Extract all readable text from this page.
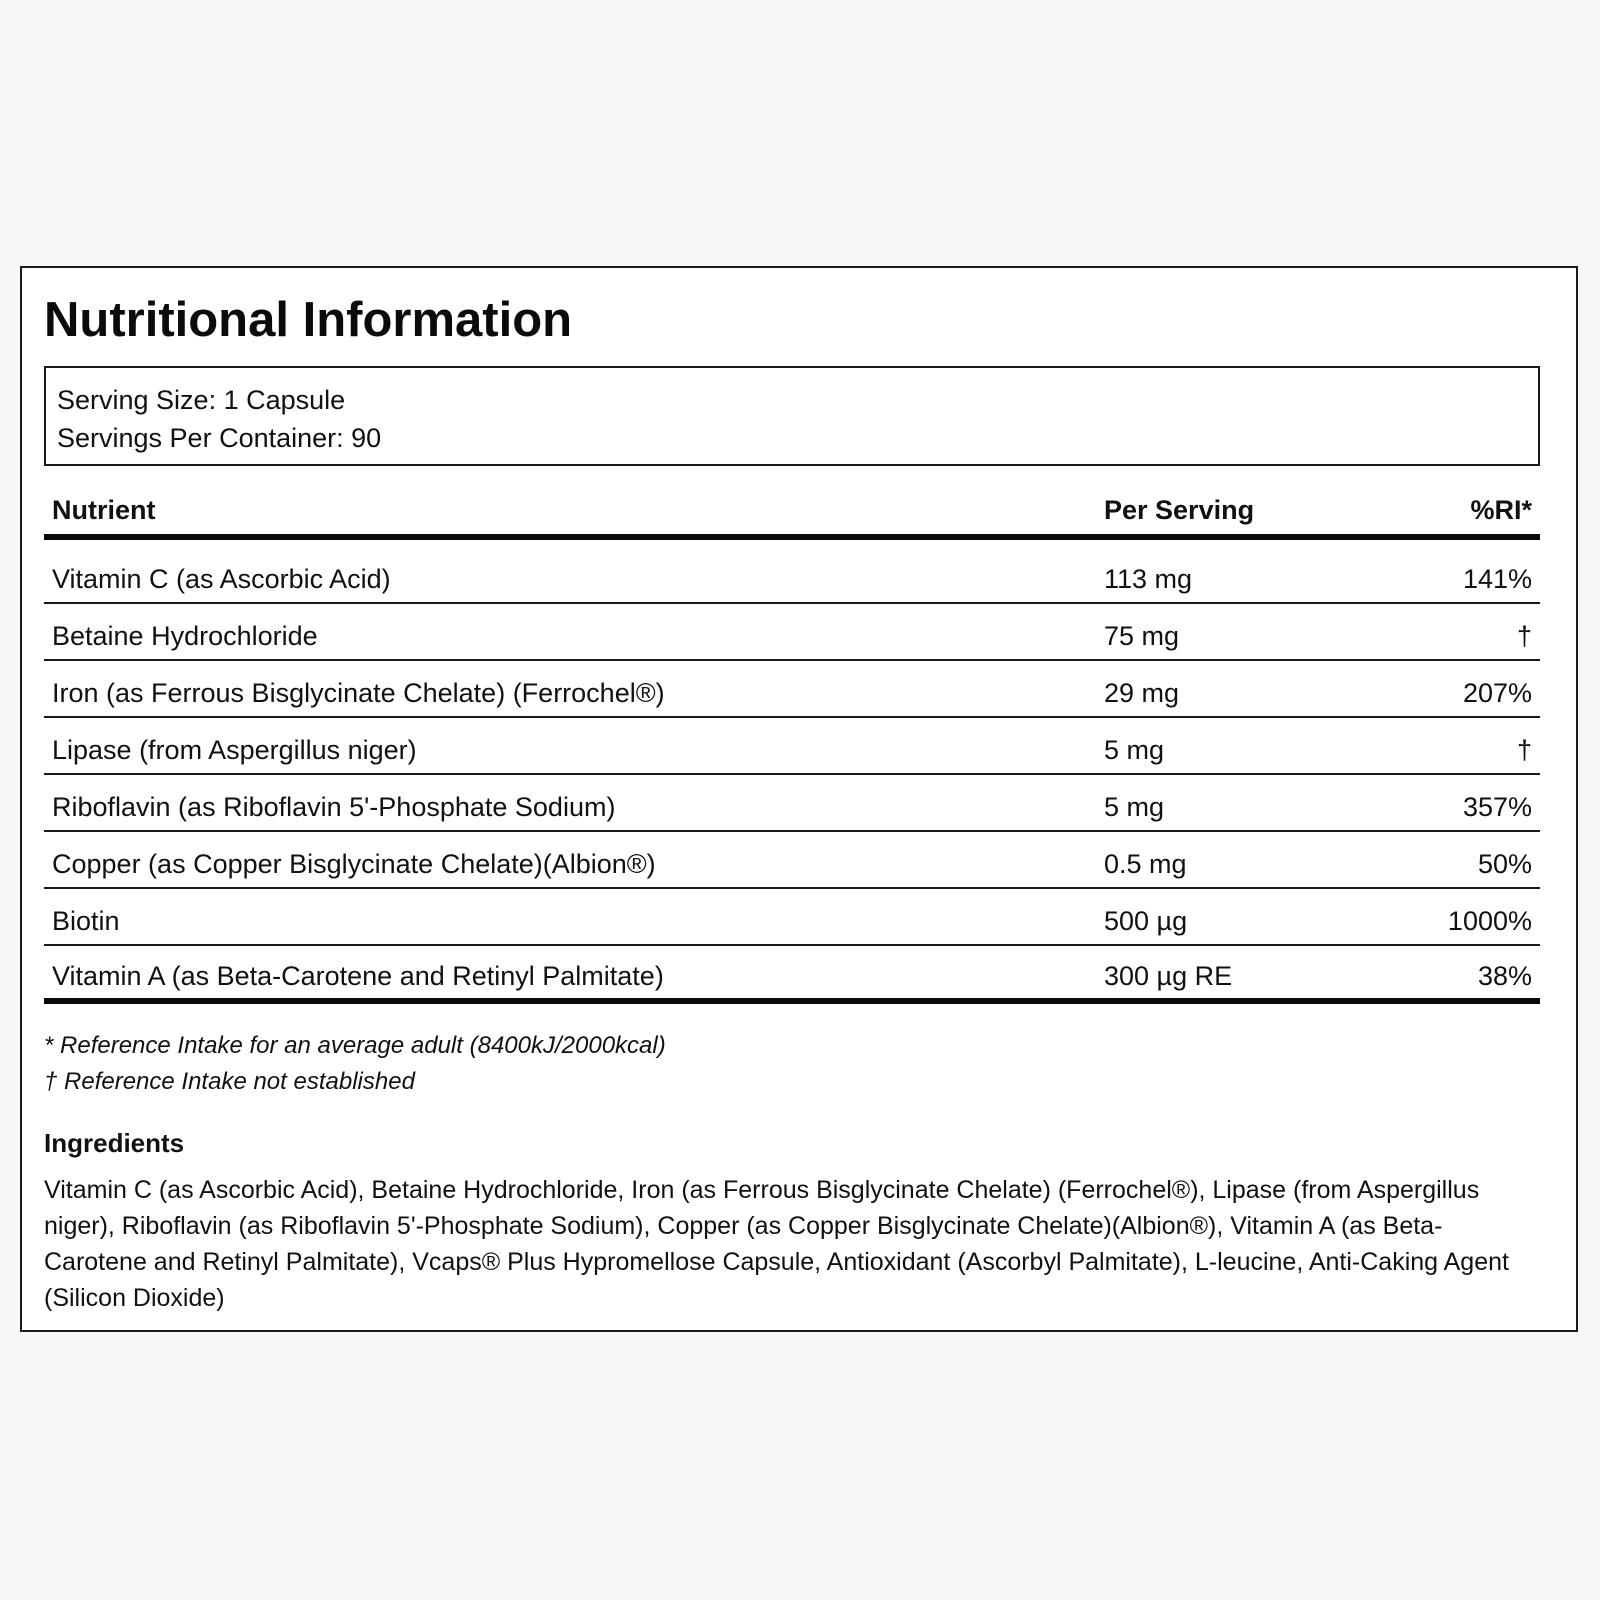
Nutritional Information
Serving Size: 1 Capsule
Servings Per Container: 90
Nutrient	Per Serving	%RI*
Vitamin C (as Ascorbic Acid)	113 mg	141%
Betaine Hydrochloride	75 mg	†
Iron (as Ferrous Bisglycinate Chelate) (Ferrochel®)	29 mg	207%
Lipase (from Aspergillus niger)	5 mg	†
Riboflavin (as Riboflavin 5'-Phosphate Sodium)	5 mg	357%
Copper (as Copper Bisglycinate Chelate)(Albion®)	0.5 mg	50%
Biotin	500 µg	1000%
Vitamin A (as Beta-Carotene and Retinyl Palmitate)	300 µg RE	38%
* Reference Intake for an average adult (8400kJ/2000kcal)
† Reference Intake not established
Ingredients

Vitamin C (as Ascorbic Acid), Betaine Hydrochloride, Iron (as Ferrous Bisglycinate Chelate) (Ferrochel®), Lipase (from Aspergillus niger), Riboflavin (as Riboflavin 5'-Phosphate Sodium), Copper (as Copper Bisglycinate Chelate)(Albion®), Vitamin A (as Beta-Carotene and Retinyl Palmitate), Vcaps® Plus Hypromellose Capsule, Antioxidant (Ascorbyl Palmitate), L-leucine, Anti-Caking Agent (Silicon Dioxide)
